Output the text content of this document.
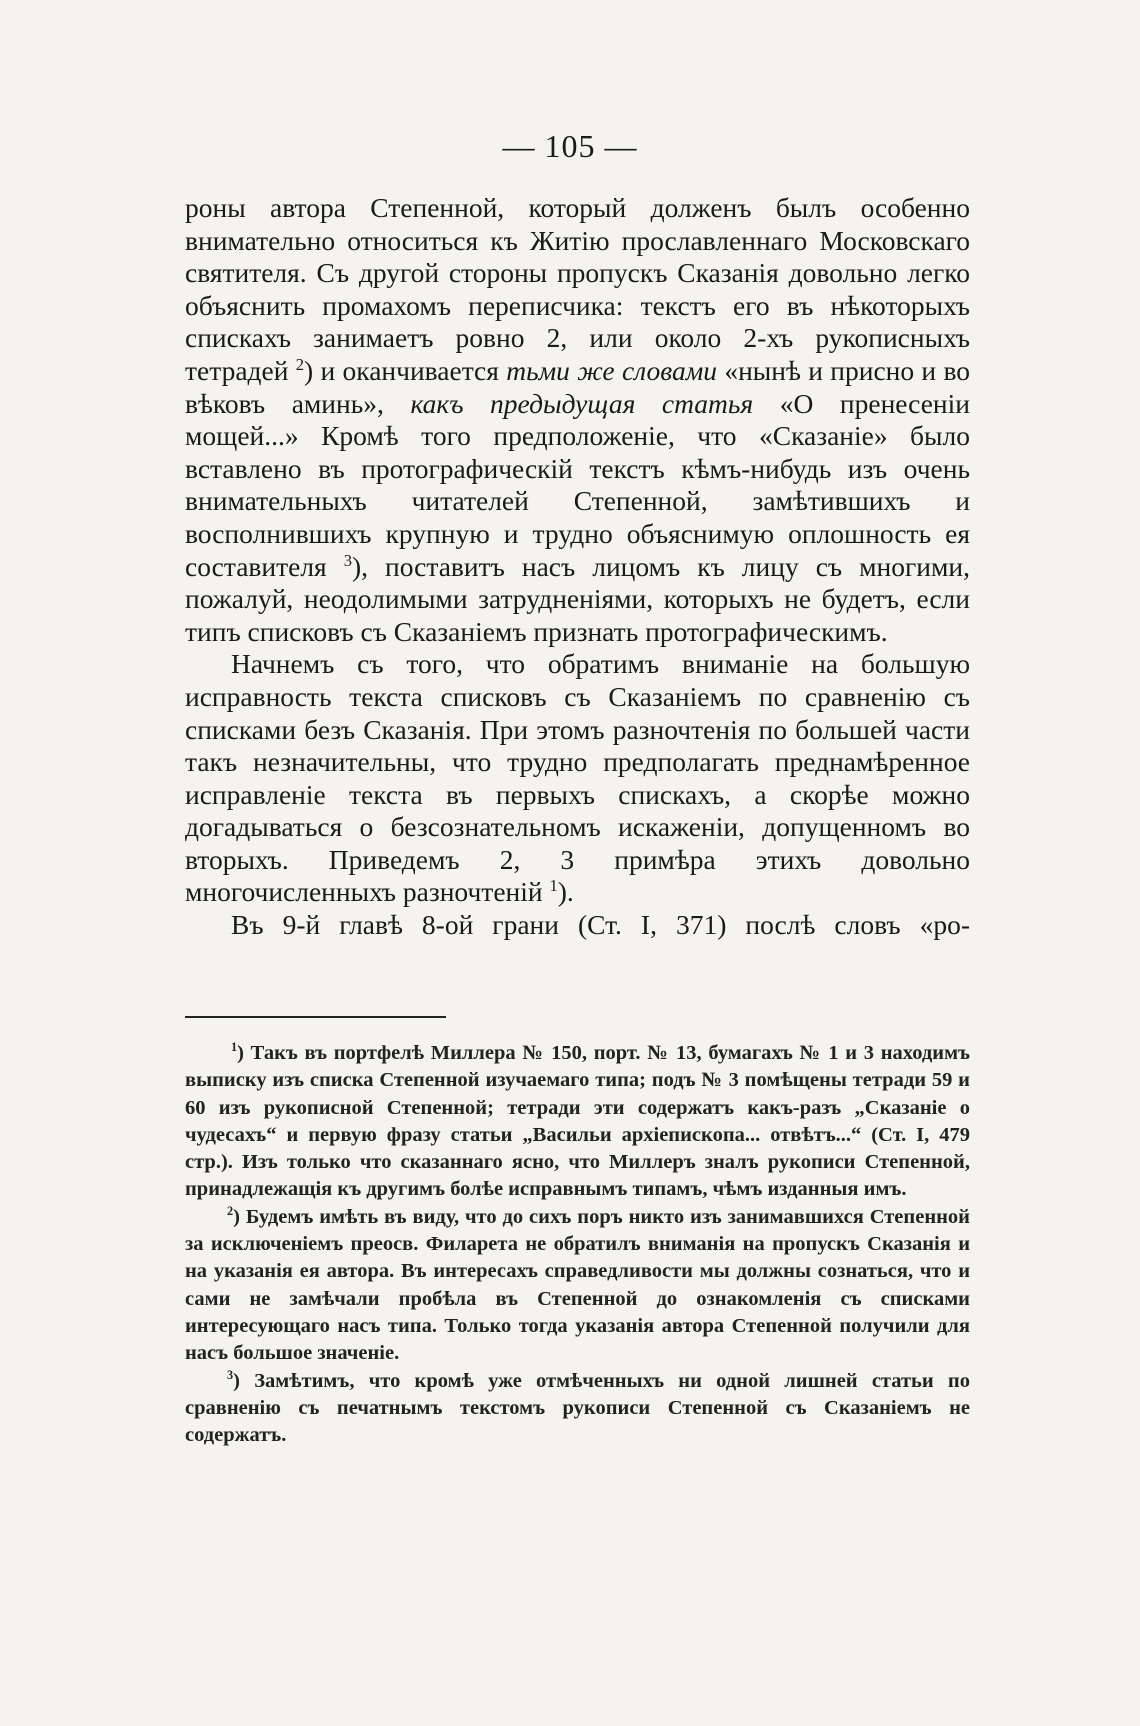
— 105 —

роны автора Степенной, который долженъ былъ особенно внимательно относиться къ Житію прославленнаго Московскаго святителя. Съ другой стороны пропускъ Сказанія довольно легко объяснить промахомъ переписчика: текстъ его въ нѣкоторыхъ спискахъ занимаетъ ровно 2, или около 2-хъ рукописныхъ тетрадей $^2$) и оканчивается тьми же словами «нынѣ и присно и во вѣковъ аминь», какъ предыдущая статья «О пренесеніи мощей...» Кромѣ того предположеніе, что «Сказаніе» было вставлено въ протографическій текстъ кѣмъ-нибудь изъ очень внимательныхъ читателей Степенной, замѣтившихъ и восполнившихъ крупную и трудно объяснимую оплошность ея составителя $^3$), поставитъ насъ лицомъ къ лицу съ многими, пожалуй, неодолимыми затрудненіями, которыхъ не будетъ, если типъ списковъ съ Сказаніемъ признать протографическимъ.

Начнемъ съ того, что обратимъ вниманіе на большую исправность текста списковъ съ Сказаніемъ по сравненію съ списками безъ Сказанія. При этомъ разночтенія по большей части такъ незначительны, что трудно предполагать преднамѣренное исправленіе текста въ первыхъ спискахъ, а скорѣе можно догадываться о безсознательномъ искаженіи, допущенномъ во вторыхъ. Приведемъ 2, 3 примѣра этихъ довольно многочисленныхъ разночтеній $^1$).

Въ 9-й главѣ 8-ой грани (Ст. I, 371) послѣ словъ «ро-

$^1$) Такъ въ портфелѣ Миллера № 150, порт. № 13, бумагахъ № 1 и 3 находимъ выписку изъ списка Степенной изучаемаго типа; подъ № 3 помѣщены тетради 59 и 60 изъ рукописной Степенной; тетради эти содержатъ какъ-разъ „Сказаніе о чудесахъ“ и первую фразу статьи „Васильи архіепископа... отвѣтъ...“ (Ст. I, 479 стр.). Изъ только что сказаннаго ясно, что Миллеръ зналъ рукописи Степенной, принадлежащія къ другимъ болѣе исправнымъ типамъ, чѣмъ изданныя имъ.

$^2$) Будемъ имѣть въ виду, что до сихъ поръ никто изъ занимавшихся Степенной за исключеніемъ преосв. Филарета не обратилъ вниманія на пропускъ Сказанія и на указанія ея автора. Въ интересахъ справедливости мы должны сознаться, что и сами не замѣчали пробѣла въ Степенной до ознакомленія съ списками интересующаго насъ типа. Только тогда указанія автора Степенной получили для насъ большое значеніе.

$^3$) Замѣтимъ, что кромѣ уже отмѣченныхъ ни одной лишней статьи по сравненію съ печатнымъ текстомъ рукописи Степенной съ Сказаніемъ не содержатъ.
